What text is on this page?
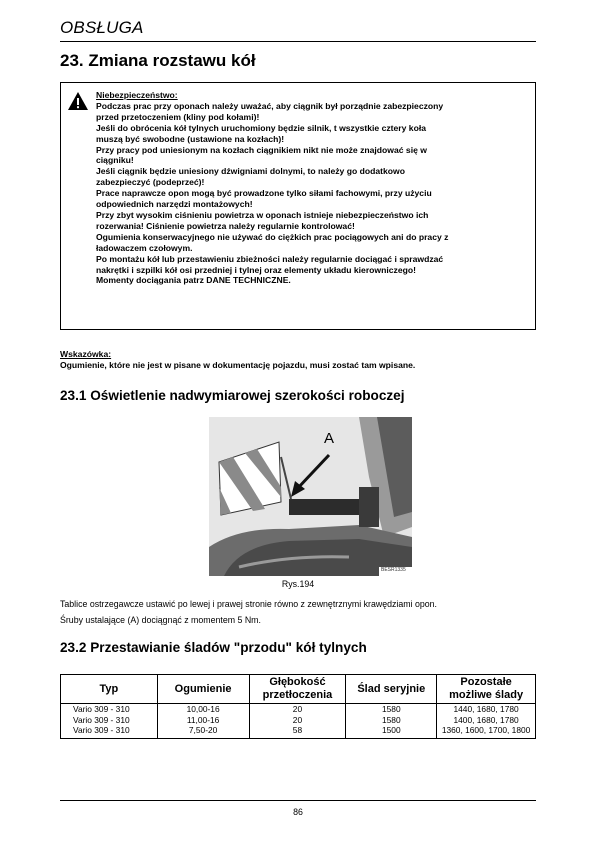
OBSŁUGA
23. Zmiana rozstawu kół
Niebezpieczeństwo:
Podczas prac przy oponach należy uważać, aby ciągnik był porządnie zabezpieczony
przed przetoczeniem (kliny pod kołami)!
Jeśli do obrócenia kół tylnych uruchomiony będzie silnik, t wszystkie cztery koła
muszą być swobodne (ustawione na kozłach)!
Przy pracy pod uniesionym na kozłach ciągnikiem nikt nie może znajdować się w
ciągniku!
Jeśli ciągnik będzie uniesiony dźwigniami dolnymi, to należy go dodatkowo
zabezpieczyć (podeprzeć)!
Prace naprawcze opon mogą być prowadzone tylko siłami fachowymi, przy użyciu
odpowiednich narzędzi montażowych!
Przy zbyt wysokim ciśnieniu powietrza w oponach istnieje niebezpieczeństwo ich
rozerwania! Ciśnienie powietrza należy regularnie kontrolować!
Ogumienia konserwacyjnego nie używać do ciężkich prac pociągowych ani do pracy z
ładowaczem czołowym.
Po montażu kół lub przestawieniu zbieżności należy regularnie dociągać i sprawdzać
nakrętki i szpilki kół osi przedniej i tylnej oraz elementy układu kierowniczego!
Momenty dociągania patrz DANE TECHNICZNE.
Wskazówka:
Ogumienie, które nie jest w pisane w dokumentację pojazdu, musi zostać tam wpisane.
23.1 Oświetlenie nadwymiarowej szerokości roboczej
A
BESR1335
Rys.194
Tablice ostrzegawcze ustawić po lewej i prawej stronie równo z zewnętrznymi krawędziami opon.
Śruby ustalające (A) dociągnąć z momentem 5 Nm.
23.2 Przestawianie śladów "przodu" kół tylnych
Typ	Ogumienie	Głębokość przetłoczenia	Ślad seryjnie	Pozostałe możliwe ślady
Vario 309 - 310	10,00-16	20	1580	1440, 1680, 1780
Vario 309 - 310	11,00-16	20	1580	1400, 1680, 1780
Vario 309 - 310	7,50-20	58	1500	1360, 1600, 1700, 1800
86
